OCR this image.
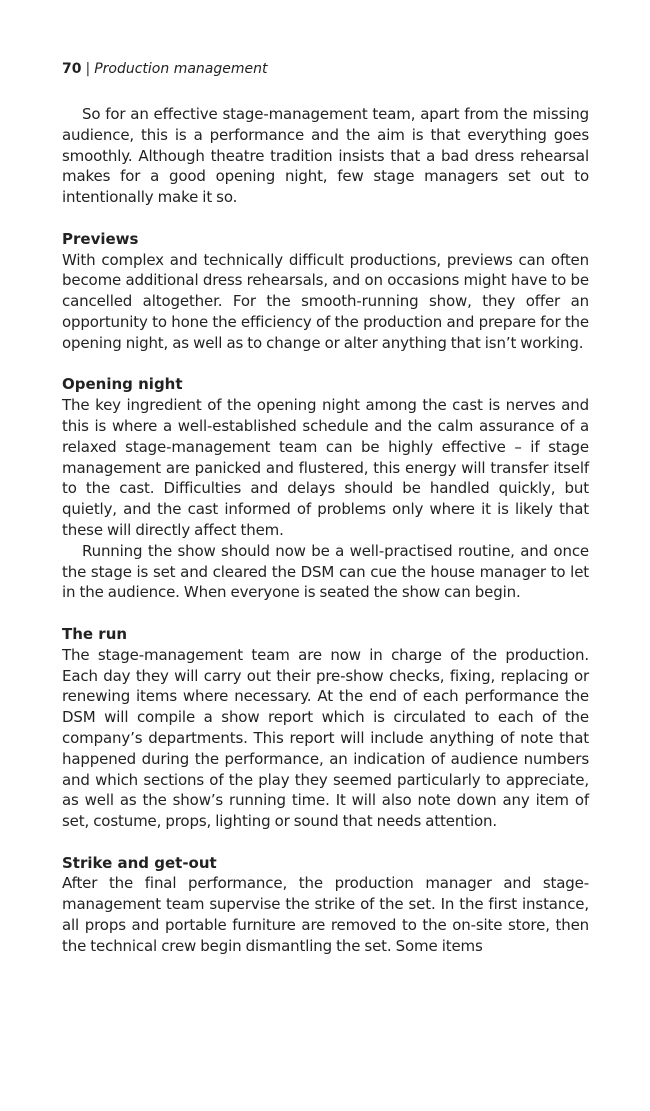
70 | Production management

So for an effective stage-management team, apart from the missing audience, this is a performance and the aim is that everything goes smoothly. Although theatre tradition insists that a bad dress rehearsal makes for a good opening night, few stage managers set out to intentionally make it so.

Previews

With complex and technically difficult productions, previews can often become additional dress rehearsals, and on occasions might have to be cancelled altogether. For the smooth-running show, they offer an opportunity to hone the efficiency of the production and prepare for the opening night, as well as to change or alter anything that isn’t working.

Opening night

The key ingredient of the opening night among the cast is nerves and this is where a well-established schedule and the calm assurance of a relaxed stage-management team can be highly effective – if stage management are panicked and flustered, this energy will transfer itself to the cast. Difficulties and delays should be handled quickly, but quietly, and the cast informed of problems only where it is likely that these will directly affect them.

Running the show should now be a well-practised routine, and once the stage is set and cleared the DSM can cue the house manager to let in the audience. When everyone is seated the show can begin.

The run

The stage-management team are now in charge of the production. Each day they will carry out their pre-show checks, fixing, replacing or renewing items where necessary. At the end of each performance the DSM will compile a show report which is circulated to each of the company’s departments. This report will include anything of note that happened during the performance, an indication of audience numbers and which sections of the play they seemed particularly to appreciate, as well as the show’s running time. It will also note down any item of set, costume, props, lighting or sound that needs attention.

Strike and get-out

After the final performance, the production manager and stage-management team supervise the strike of the set. In the first instance, all props and portable furniture are removed to the on-site store, then the technical crew begin dismantling the set. Some items
